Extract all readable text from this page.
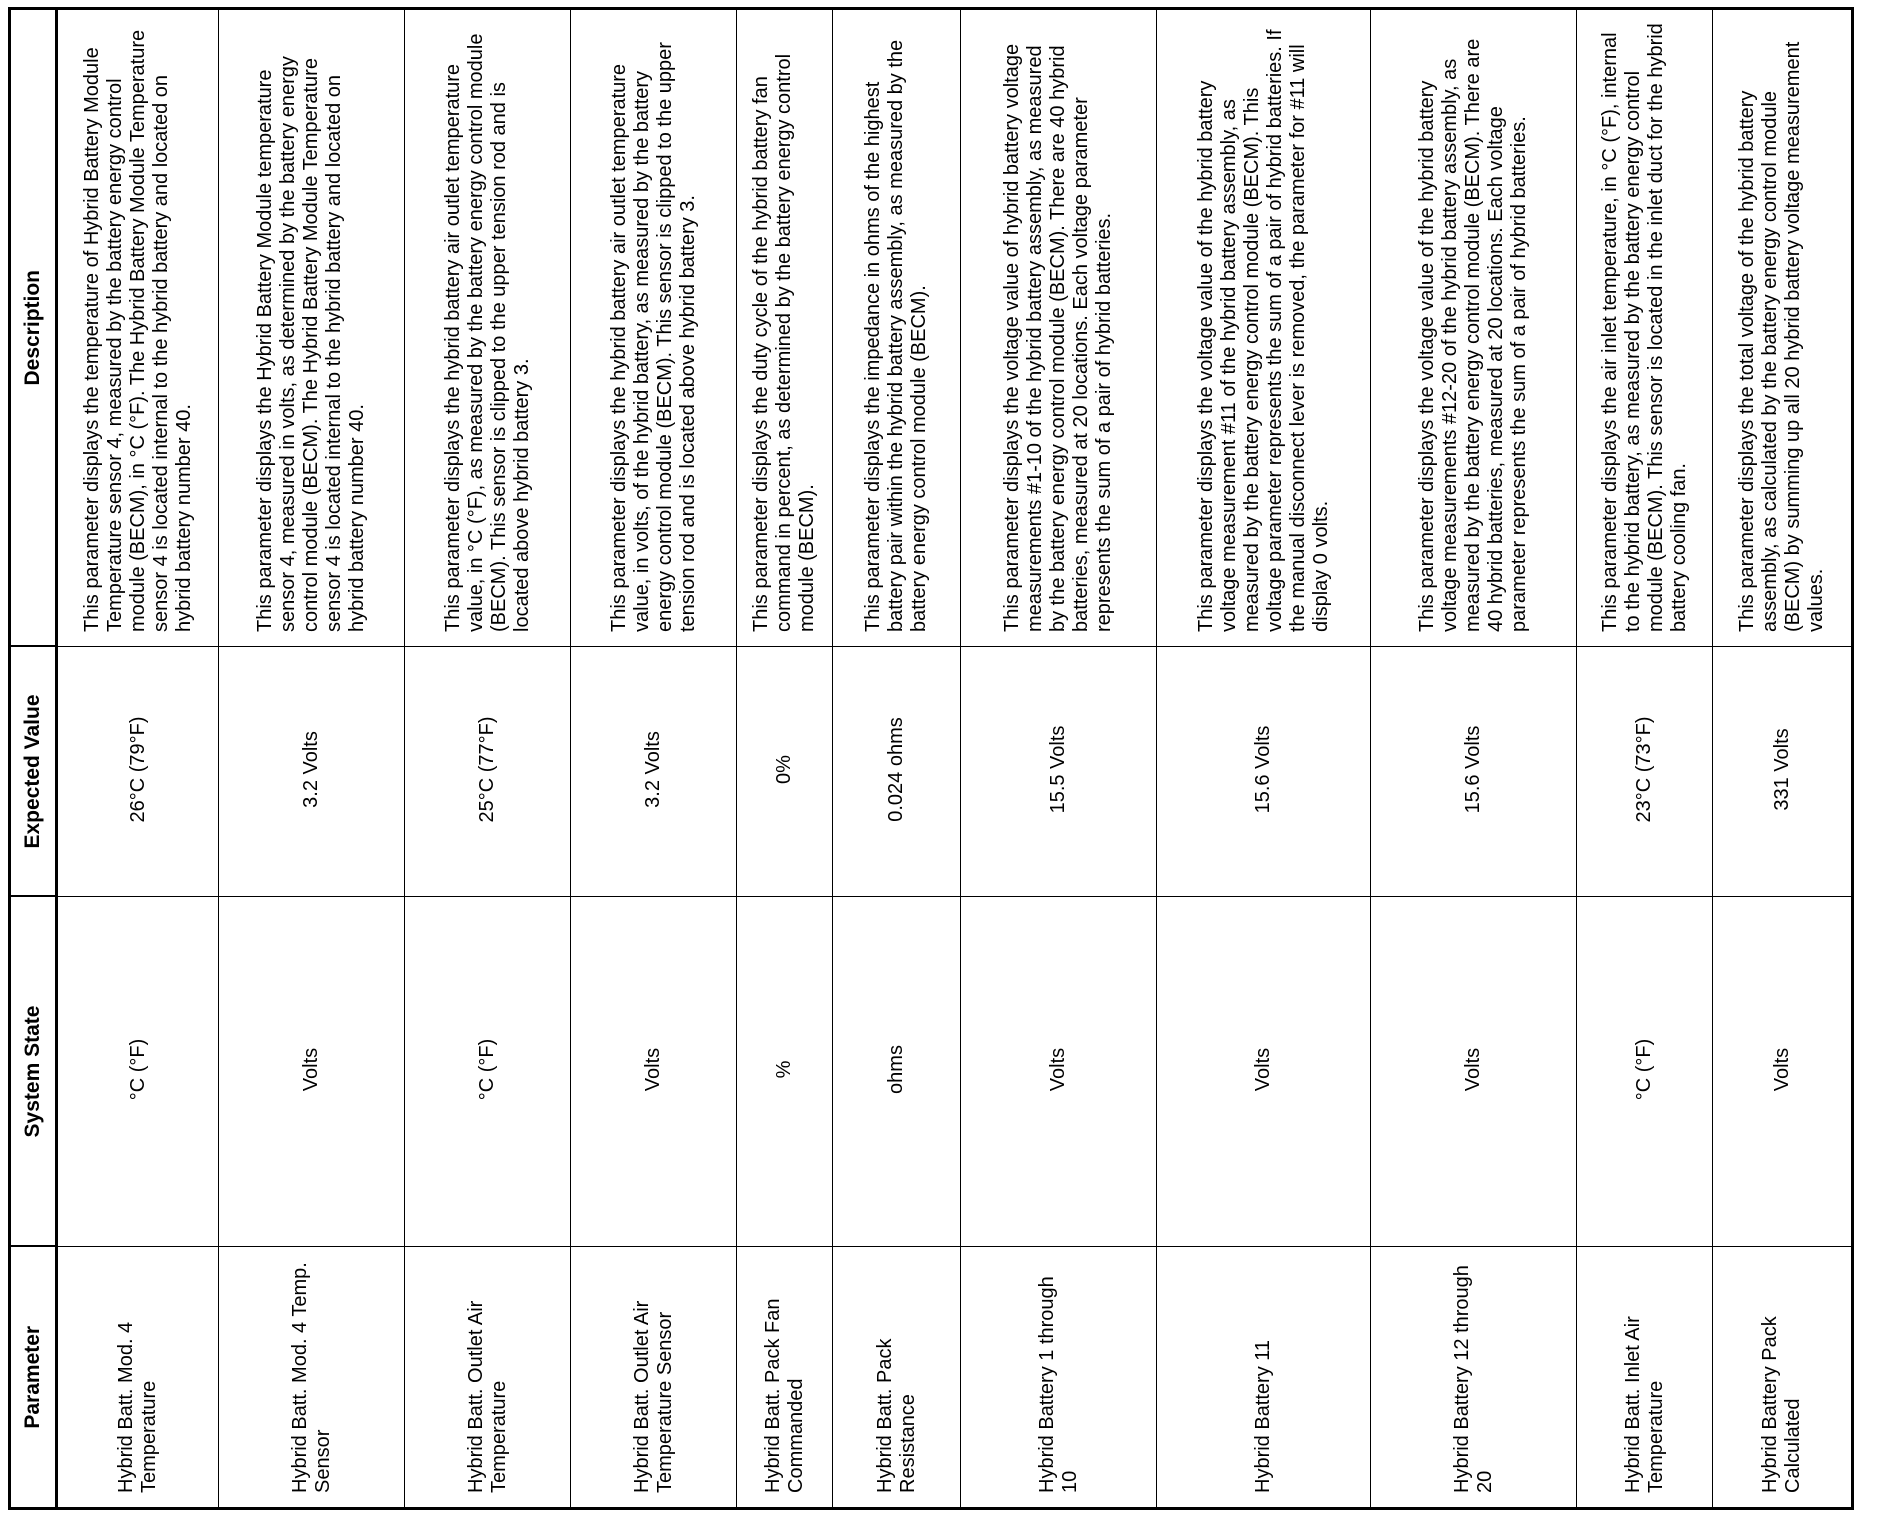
Parameter	System State	Expected Value	Description
Hybrid Batt. Mod. 4 Temperature	°C (°F)	26°C (79°F)	This parameter displays the temperature of Hybrid Battery Module Temperature sensor 4, measured by the battery energy control module (BECM), in °C (°F). The Hybrid Battery Module Temperature sensor 4 is located internal to the hybrid battery and located on hybrid battery number 40.
Hybrid Batt. Mod. 4 Temp. Sensor	Volts	3.2 Volts	This parameter displays the Hybrid Battery Module temperature sensor 4, measured in volts, as determined by the battery energy control module (BECM). The Hybrid Battery Module Temperature sensor 4 is located internal to the hybrid battery and located on hybrid battery number 40.
Hybrid Batt. Outlet Air Temperature	°C (°F)	25°C (77°F)	This parameter displays the hybrid battery air outlet temperature value, in °C (°F), as measured by the battery energy control module (BECM). This sensor is clipped to the upper tension rod and is located above hybrid battery 3.
Hybrid Batt. Outlet Air Temperature Sensor	Volts	3.2 Volts	This parameter displays the hybrid battery air outlet temperature value, in volts, of the hybrid battery, as measured by the battery energy control module (BECM). This sensor is clipped to the upper tension rod and is located above hybrid battery 3.
Hybrid Batt. Pack Fan Commanded	%	0%	This parameter displays the duty cycle of the hybrid battery fan command in percent, as determined by the battery energy control module (BECM).
Hybrid Batt. Pack Resistance	ohms	0.024 ohms	This parameter displays the impedance in ohms of the highest battery pair within the hybrid battery assembly, as measured by the battery energy control module (BECM).
Hybrid Battery 1 through 10	Volts	15.5 Volts	This parameter displays the voltage value of hybrid battery voltage measurements #1-10 of the hybrid battery assembly, as measured by the battery energy control module (BECM). There are 40 hybrid batteries, measured at 20 locations. Each voltage parameter represents the sum of a pair of hybrid batteries.
Hybrid Battery 11	Volts	15.6 Volts	This parameter displays the voltage value of the hybrid battery voltage measurement #11 of the hybrid battery assembly, as measured by the battery energy control module (BECM). This voltage parameter represents the sum of a pair of hybrid batteries. If the manual disconnect lever is removed, the parameter for #11 will display 0 volts.
Hybrid Battery 12 through 20	Volts	15.6 Volts	This parameter displays the voltage value of the hybrid battery voltage measurements #12-20 of the hybrid battery assembly, as measured by the battery energy control module (BECM). There are 40 hybrid batteries, measured at 20 locations. Each voltage parameter represents the sum of a pair of hybrid batteries.
Hybrid Batt. Inlet Air Temperature	°C (°F)	23°C (73°F)	This parameter displays the air inlet temperature, in °C (°F), internal to the hybrid battery, as measured by the battery energy control module (BECM). This sensor is located in the inlet duct for the hybrid battery cooling fan.
Hybrid Battery Pack Calculated	Volts	331 Volts	This parameter displays the total voltage of the hybrid battery assembly, as calculated by the battery energy control module (BECM) by summing up all 20 hybrid battery voltage measurement values.
